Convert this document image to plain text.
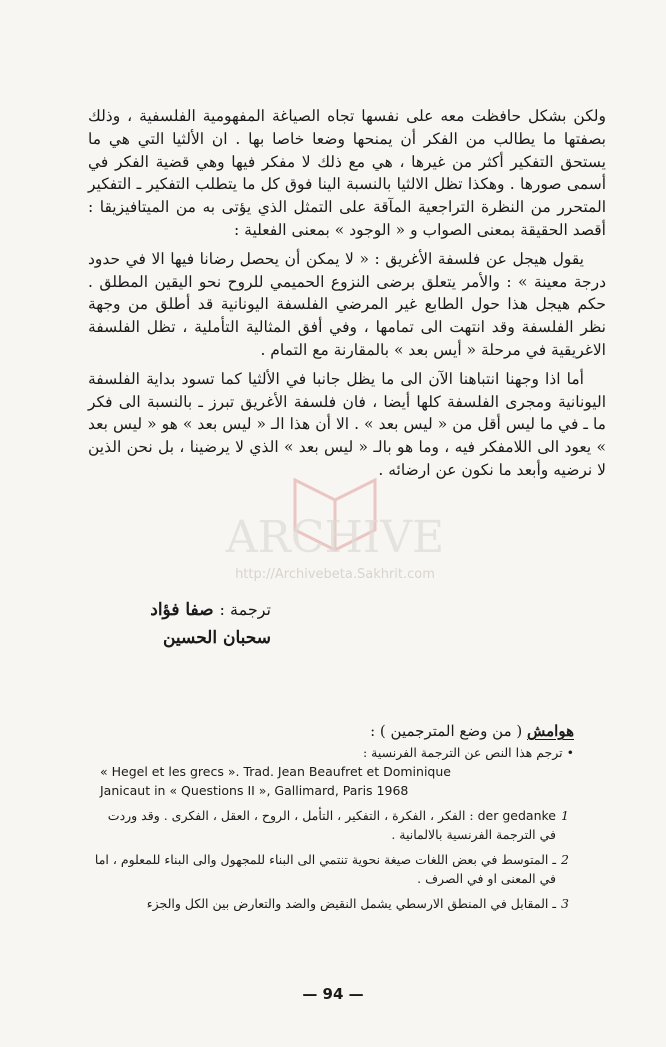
ولكن بشكل حافظت معه على نفسها تجاه الصياغة المفهومية الفلسفية ، وذلك بصفتها ما يطالب من الفكر أن يمنحها وضعا خاصا بها . ان الألثيا التي هي ما يستحق التفكير أكثر من غيرها ، هي مع ذلك لا مفكر فيها وهي قضية الفكر في أسمى صورها . وهكذا تظل الالثيا بالنسبة الينا فوق كل ما يتطلب التفكير ـ التفكير المتحرر من النظرة التراجعية المآقة على التمثل الذي يؤتى به من الميتافيزيقا : أقصد الحقيقة بمعنى الصواب و « الوجود » بمعنى الفعلية :

يقول هيجل عن فلسفة الأغريق : « لا يمكن أن يحصل رضانا فيها الا في حدود درجة معينة » : والأمر يتعلق برضى النزوع الحميمي للروح نحو اليقين المطلق . حكم هيجل هذا حول الطابع غير المرضي الفلسفة اليونانية قد أطلق من وجهة نظر الفلسفة وقد انتهت الى تمامها ، وفي أفق المثالية التأملية ، تظل الفلسفة الاغريقية في مرحلة « أيس بعد » بالمقارنة مع التمام .

أما اذا وجهنا انتباهنا الآن الى ما يظل جانبا في الألثيا كما تسود بداية الفلسفة اليونانية ومجرى الفلسفة كلها أيضا ، فان فلسفة الأغريق تبرز ـ بالنسبة الى فكر ما ـ في ما ليس أقل من « ليس بعد » . الا أن هذا الـ « ليس بعد » هو « ليس بعد » يعود الى اللامفكر فيه ، وما هو بالـ « ليس بعد » الذي لا يرضينا ، بل نحن الذين لا نرضيه وأبعد ما نكون عن ارضائه .

ARCHIVE
http://Archivebeta.Sakhrit.com
ترجمة : صفا فؤاد
سحبان الحسين
هوامش ( من وضع المترجمين ) :
• ترجم هذا النص عن الترجمة الفرنسية :
« Hegel et les grecs ». Trad. Jean Beaufret et Dominique
Janicaut in « Questions II », Gallimard, Paris 1968
1
der gedanke : الفكر ، الفكرة ، التفكير ، التأمل ، الروح ، العقل ، الفكرى . وقد وردت في الترجمة الفرنسية بالالمانية .
2
ـ المتوسط في بعض اللغات صيغة نحوية تنتمي الى البناء للمجهول والى البناء للمعلوم ، اما في المعنى او في الصرف .
3
ـ المقابل في المنطق الارسطي يشمل النقيض والضد والتعارض بين الكل والجزء
— 94 —
